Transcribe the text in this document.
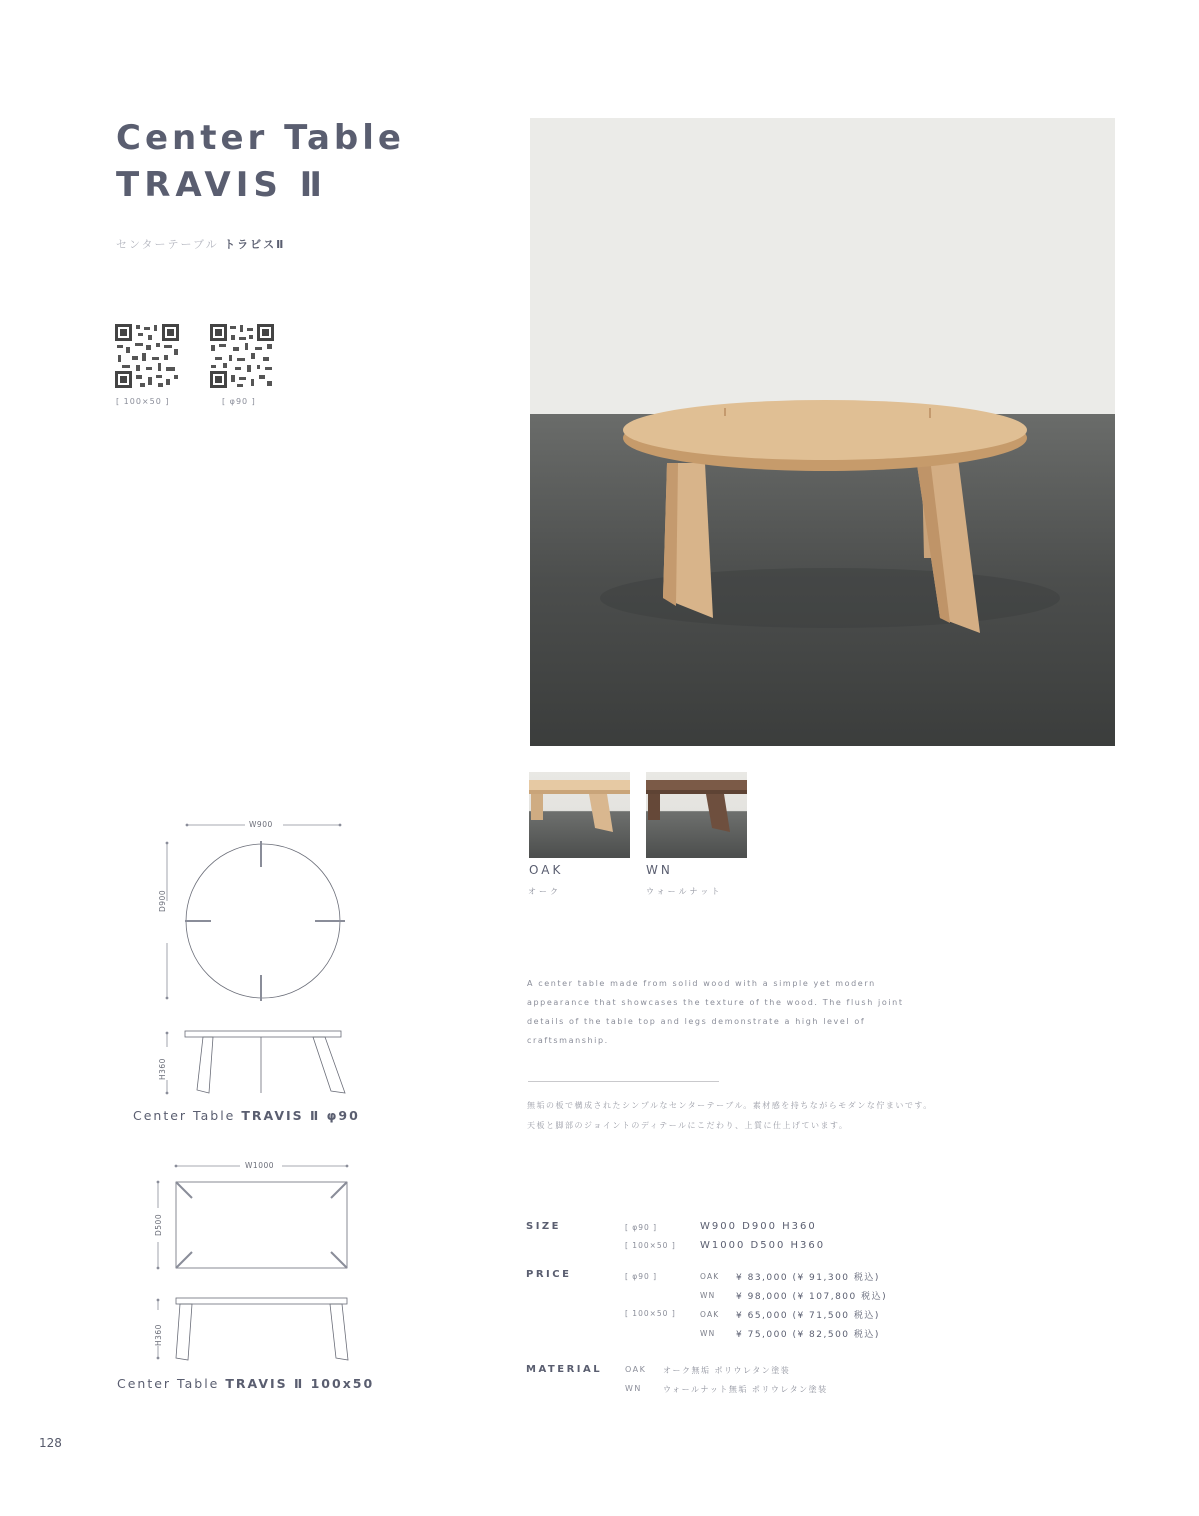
Center Table
TRAVIS Ⅱ
センターテーブル トラビスⅡ
[ 100×50 ]	[ φ90 ]
OAK	WN
オーク	ウォールナット
A center table made from solid wood with a simple yet modern appearance that showcases the texture of the wood. The flush joint details of the table top and legs demonstrate a high level of craftsmanship.
無垢の板で構成されたシンプルなセンターテーブル。素材感を持ちながらモダンな佇まいです。天板と脚部のジョイントのディテールにこだわり、上質に仕上げています。
SIZE	[ φ90 ]	W900 D900 H360
[ 100×50 ] W1000 D500 H360
PRICE	[ φ90 ]	OAK ¥ 83,000 (¥ 91,300 税込)
WN ¥ 98,000 (¥ 107,800 税込)
[ 100×50 ]	OAK ¥ 65,000 (¥ 71,500 税込)
WN ¥ 75,000 (¥ 82,500 税込)
MATERIAL	OAK オーク無垢 ポリウレタン塗装
WN	ウォールナット無垢 ポリウレタン塗装
W900
D900
H360
Center Table TRAVIS Ⅱ φ90
W1000
D500
H360
Center Table TRAVIS Ⅱ 100x50
128
